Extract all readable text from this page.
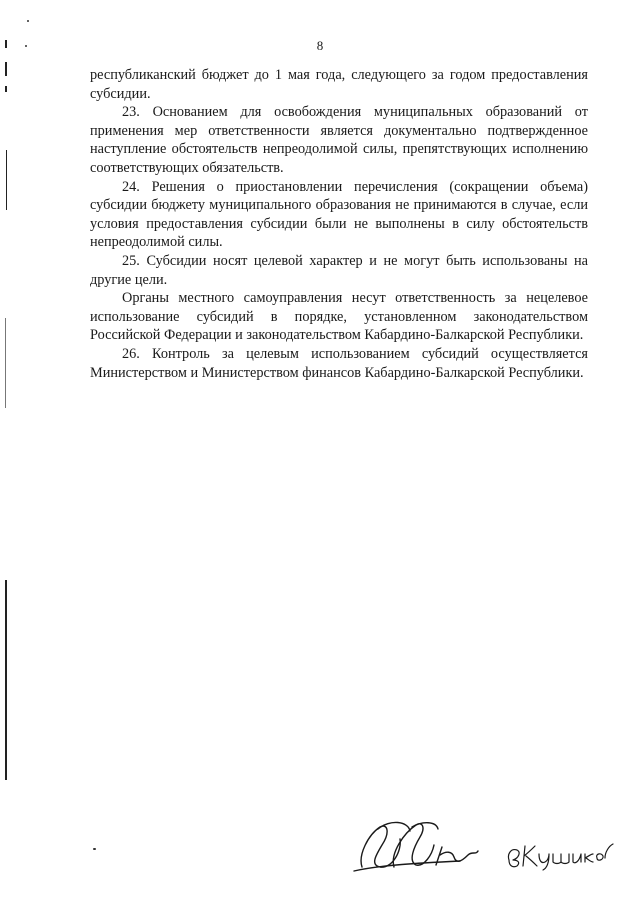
8

республиканский бюджет до 1 мая года, следующего за годом предоставления субсидии.

23. Основанием для освобождения муниципальных образований от применения мер ответственности является документально подтвержденное наступление обстоятельств непреодолимой силы, препятствующих исполнению соответствующих обязательств.

24. Решения о приостановлении перечисления (сокращении объема) субсидии бюджету муниципального образования не принимаются в случае, если условия предоставления субсидии были не выполнены в силу обстоятельств непреодолимой силы.

25. Субсидии носят целевой характер и не могут быть использованы на другие цели.

Органы местного самоуправления несут ответственность за нецелевое использование субсидий в порядке, установленном законодательством Российской Федерации и законодательством Кабардино-Балкарской Республики.

26. Контроль за целевым использованием субсидий осуществляется Министерством и Министерством финансов Кабардино-Балкарской Республики.
